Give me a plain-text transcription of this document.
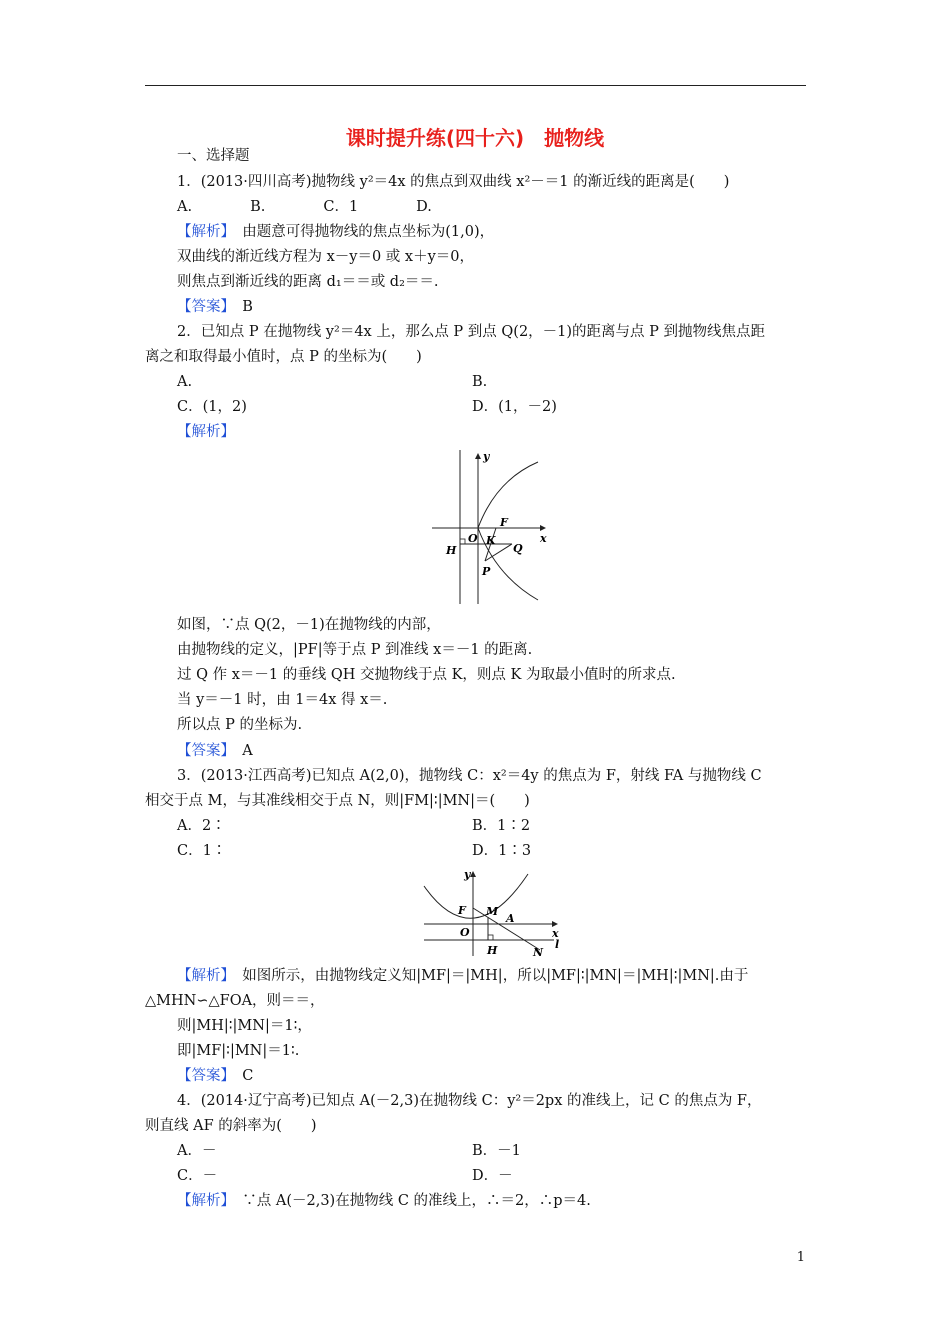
课时提升练(四十六)　抛物线
一、选择题
1．(2013·四川高考)抛物线 y²＝4x 的焦点到双曲线 x²－＝1 的渐近线的距离是(　　)
A.　　　　B.　　　　C．1　　　　D.
【解析】　 由题意可得抛物线的焦点坐标为(1,0)，
双曲线的渐近线方程为 x－y＝0 或 x＋y＝0，
则焦点到渐近线的距离 d₁＝＝或 d₂＝＝.
【答案】　 B
2．已知点 P 在抛物线 y²＝4x 上，那么点 P 到点 Q(2，－1)的距离与点 P 到抛物线焦点距
离之和取得最小值时，点 P 的坐标为(　　)
A.	B.
C．(1，2)	D．(1，－2)
【解析】
y
x
O
F
K
Q
H
P
如图，∵点 Q(2，－1)在抛物线的内部，
由抛物线的定义，|PF|等于点 P 到准线 x＝－1 的距离.
过 Q 作 x＝－1 的垂线 QH 交抛物线于点 K，则点 K 为取最小值时的所求点.
当 y＝－1 时，由 1＝4x 得 x＝.
所以点 P 的坐标为.
【答案】　 A
3．(2013·江西高考)已知点 A(2,0)，抛物线 C：x²＝4y 的焦点为 F，射线 FA 与抛物线 C
相交于点 M，与其准线相交于点 N，则|FM|∶|MN|＝(　　)
A．2∶	B．1∶2
C．1∶	D．1∶3
y
x
F M
A
O
H	N
l
【解析】　 如图所示，由抛物线定义知|MF|＝|MH|，所以|MF|∶|MN|＝|MH|∶|MN|.由于
△MHN∽△FOA，则＝＝，
则|MH|∶|MN|＝1∶，
即|MF|∶|MN|＝1∶.
【答案】　 C
4．(2014·辽宁高考)已知点 A(－2,3)在抛物线 C：y²＝2px 的准线上，记 C 的焦点为 F，
则直线 AF 的斜率为(　　)
A．－	B．－1
C．－	D．－
【解析】　 ∵点 A(－2,3)在抛物线 C 的准线上，∴＝2，∴p＝4.
1
